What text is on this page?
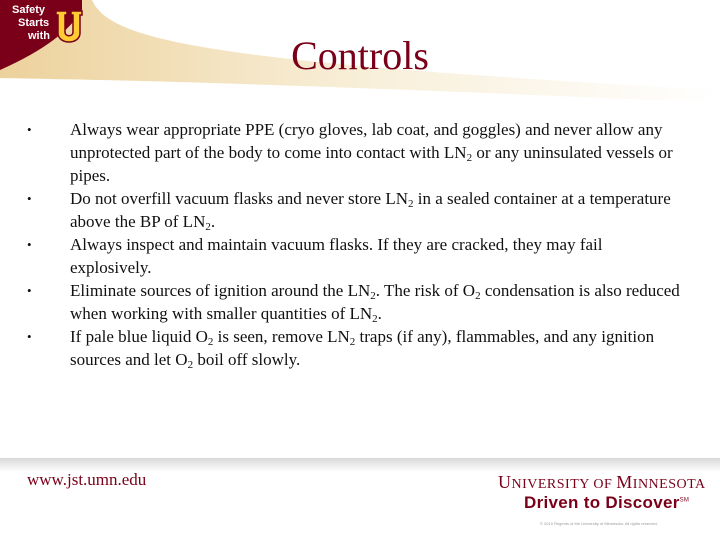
Safety
Starts
with	Controls
• Always wear appropriate PPE (cryo gloves, lab coat, and goggles) and never allow any unprotected part of the body to come into contact with $LN_2$ or any uninsulated vessels or pipes.
• Do not overfill vacuum flasks and never store $LN_2$ in a sealed container at a temperature above the BP of $LN_2$.
• Always inspect and maintain vacuum flasks. If they are cracked, they may fail explosively.
• Eliminate sources of ignition around the $LN_2$. The risk of $O_2$ condensation is also reduced when working with smaller quantities of $LN_2$.
• If pale blue liquid $O_2$ is seen, remove $LN_2$ traps (if any), flammables, and any ignition sources and let $O_2$ boil off slowly.
www.jst.umn.edu	UNIVERSITY OF MINNESOTA
Driven to Discover℠
© 2010 Regents of the University of Minnesota. All rights reserved.
